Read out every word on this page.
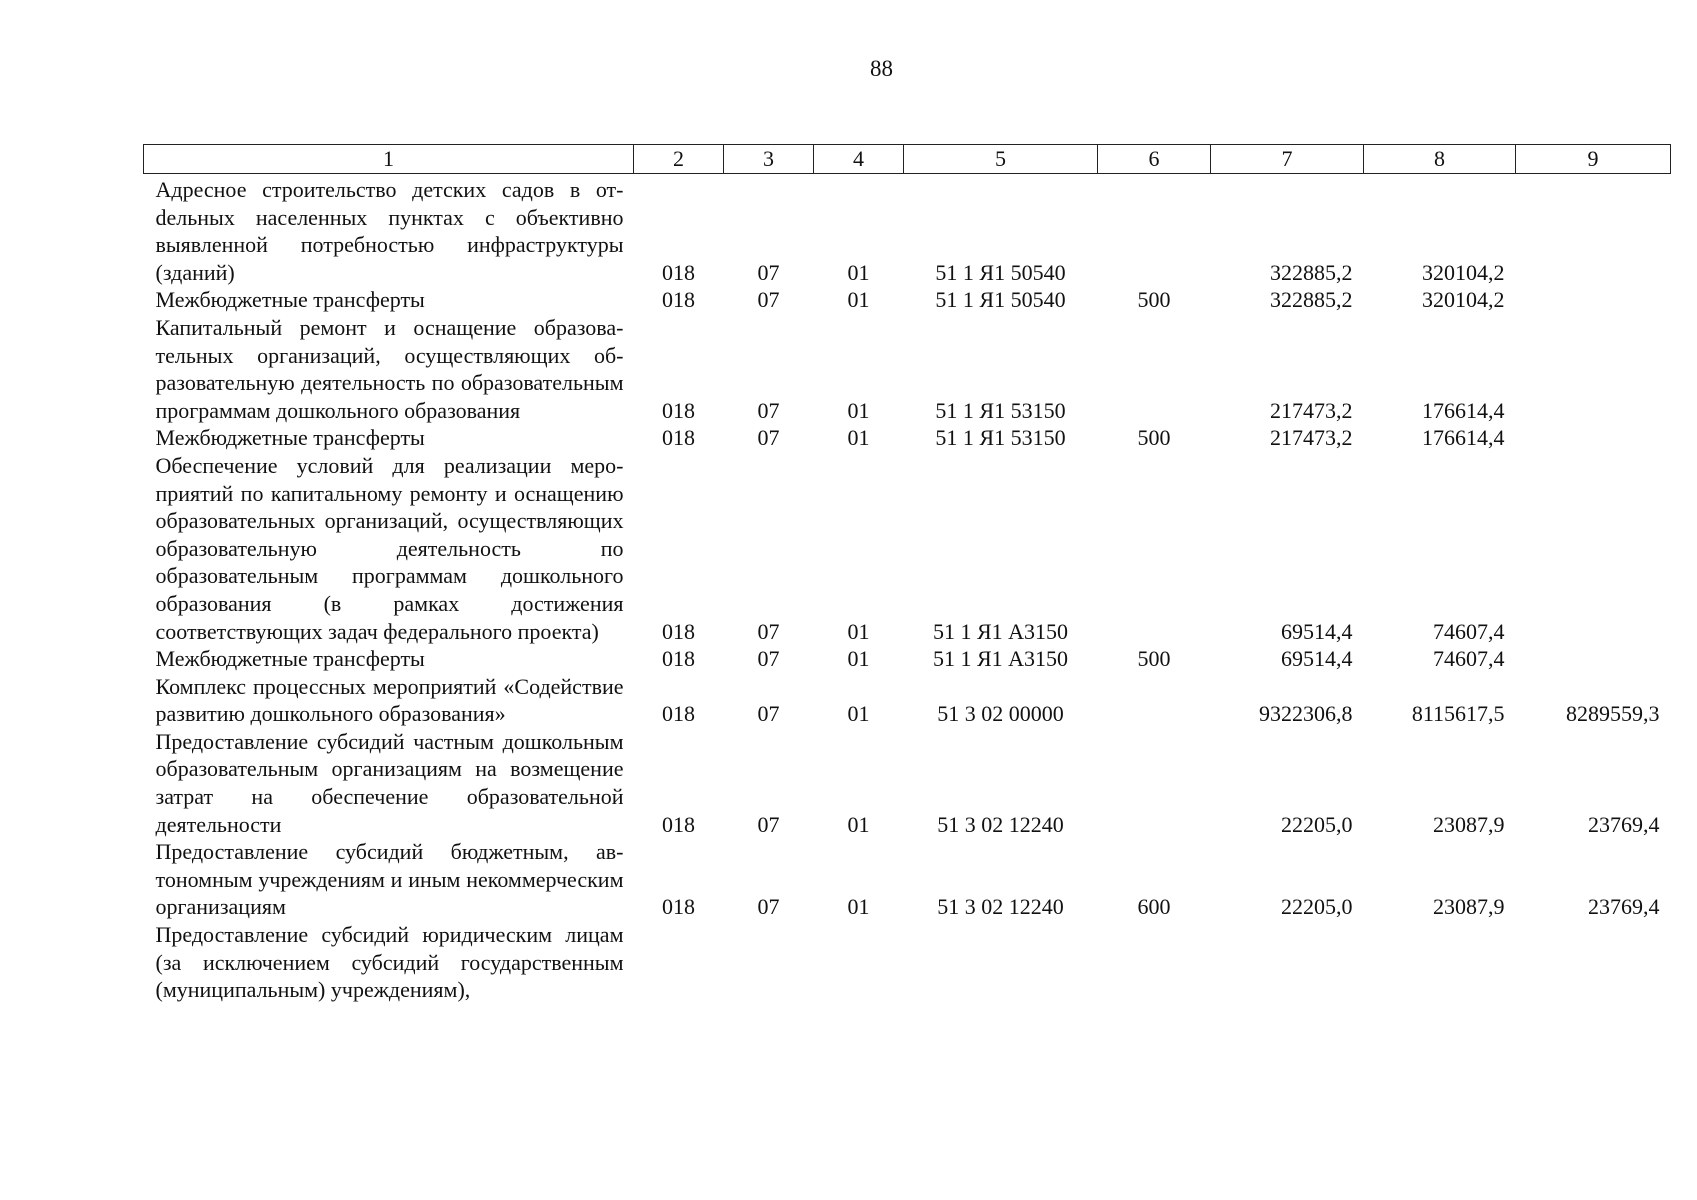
88
1	2	3	4	5	6	7	8	9
Адресное строительство детских садов в отdельных населенных пунктах с объективно выявленной потребностью инфраструктуры (зданий)	018	07	01	51 1 Я1 50540		322885,2	320104,2	
Межбюджетные трансферты	018	07	01	51 1 Я1 50540	500	322885,2	320104,2	
Капитальный ремонт и оснащение образовательных организаций, осуществляющих образовательную деятельность по образовательным программам дошкольного образования	018	07	01	51 1 Я1 53150		217473,2	176614,4	
Межбюджетные трансферты	018	07	01	51 1 Я1 53150	500	217473,2	176614,4	
Обеспечение условий для реализации мероприятий по капитальному ремонту и оснащению образовательных организаций, осуществляющих образовательную деятельность по образовательным программам дошкольного образования (в рамках достижения соответствующих задач федерального проекта)	018	07	01	51 1 Я1 А3150		69514,4	74607,4	
Межбюджетные трансферты	018	07	01	51 1 Я1 А3150	500	69514,4	74607,4	
Комплекс процессных мероприятий «Содействие развитию дошкольного образования»	018	07	01	51 3 02 00000		9322306,8	8115617,5	8289559,3
Предоставление субсидий частным дошкольным образовательным организациям на возмещение затрат на обеспечение образовательной деятельности	018	07	01	51 3 02 12240		22205,0	23087,9	23769,4
Предоставление субсидий бюджетным, автономным учреждениям и иным некоммерческим организациям	018	07	01	51 3 02 12240	600	22205,0	23087,9	23769,4
Предоставление субсидий юридическим лицам (за исключением субсидий государственным (муниципальным) учреждениям),								
